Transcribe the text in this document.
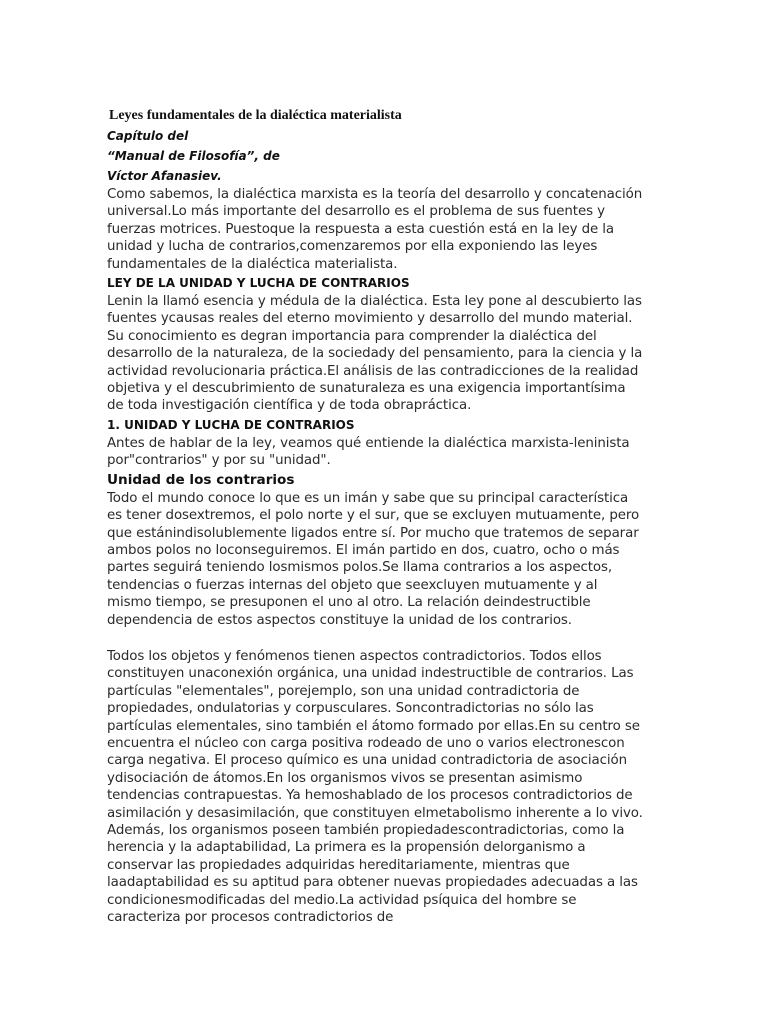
Leyes fundamentales de la dialéctica materialista

Capítulo del

“Manual de Filosofía”, de

Víctor Afanasiev.

Como sabemos, la dialéctica marxista es la teoría del desarrollo y concatenación universal.Lo más importante del desarrollo es el problema de sus fuentes y fuerzas motrices. Puestoque la respuesta a esta cuestión está en la ley de la unidad y lucha de contrarios,comenzaremos por ella exponiendo las leyes fundamentales de la dialéctica materialista.

LEY DE LA UNIDAD Y LUCHA DE CONTRARIOS

Lenin la llamó esencia y médula de la dialéctica. Esta ley pone al descubierto las fuentes ycausas reales del eterno movimiento y desarrollo del mundo material. Su conocimiento es degran importancia para comprender la dialéctica del desarrollo de la naturaleza, de la sociedady del pensamiento, para la ciencia y la actividad revolucionaria práctica.El análisis de las contradicciones de la realidad objetiva y el descubrimiento de sunaturaleza es una exigencia importantísima de toda investigación científica y de toda obrapráctica.

1. UNIDAD Y LUCHA DE CONTRARIOS

Antes de hablar de la ley, veamos qué entiende la dialéctica marxista-leninista por"contrarios" y por su "unidad".

Unidad de los contrarios

Todo el mundo conoce lo que es un imán y sabe que su principal característica es tener dosextremos, el polo norte y el sur, que se excluyen mutuamente, pero que estánindisolublemente ligados entre sí. Por mucho que tratemos de separar ambos polos no loconseguiremos. El imán partido en dos, cuatro, ocho o más partes seguirá teniendo losmismos polos.Se llama contrarios a los aspectos, tendencias o fuerzas internas del objeto que seexcluyen mutuamente y al mismo tiempo, se presuponen el uno al otro. La relación deindestructible dependencia de estos aspectos constituye la unidad de los contrarios.

Todos los objetos y fenómenos tienen aspectos contradictorios. Todos ellos constituyen unaconexión orgánica, una unidad indestructible de contrarios. Las partículas "elementales", porejemplo, son una unidad contradictoria de propiedades, ondulatorias y corpusculares. Soncontradictorias no sólo las partículas elementales, sino también el átomo formado por ellas.En su centro se encuentra el núcleo con carga positiva rodeado de uno o varios electronescon carga negativa. El proceso químico es una unidad contradictoria de asociación ydisociación de átomos.En los organismos vivos se presentan asimismo tendencias contrapuestas. Ya hemoshablado de los procesos contradictorios de asimilación y desasimilación, que constituyen elmetabolismo inherente a lo vivo. Además, los organismos poseen también propiedadescontradictorias, como la herencia y la adaptabilidad, La primera es la propensión delorganismo a conservar las propiedades adquiridas hereditariamente, mientras que laadaptabilidad es su aptitud para obtener nuevas propiedades adecuadas a las condicionesmodificadas del medio.La actividad psíquica del hombre se caracteriza por procesos contradictorios de
